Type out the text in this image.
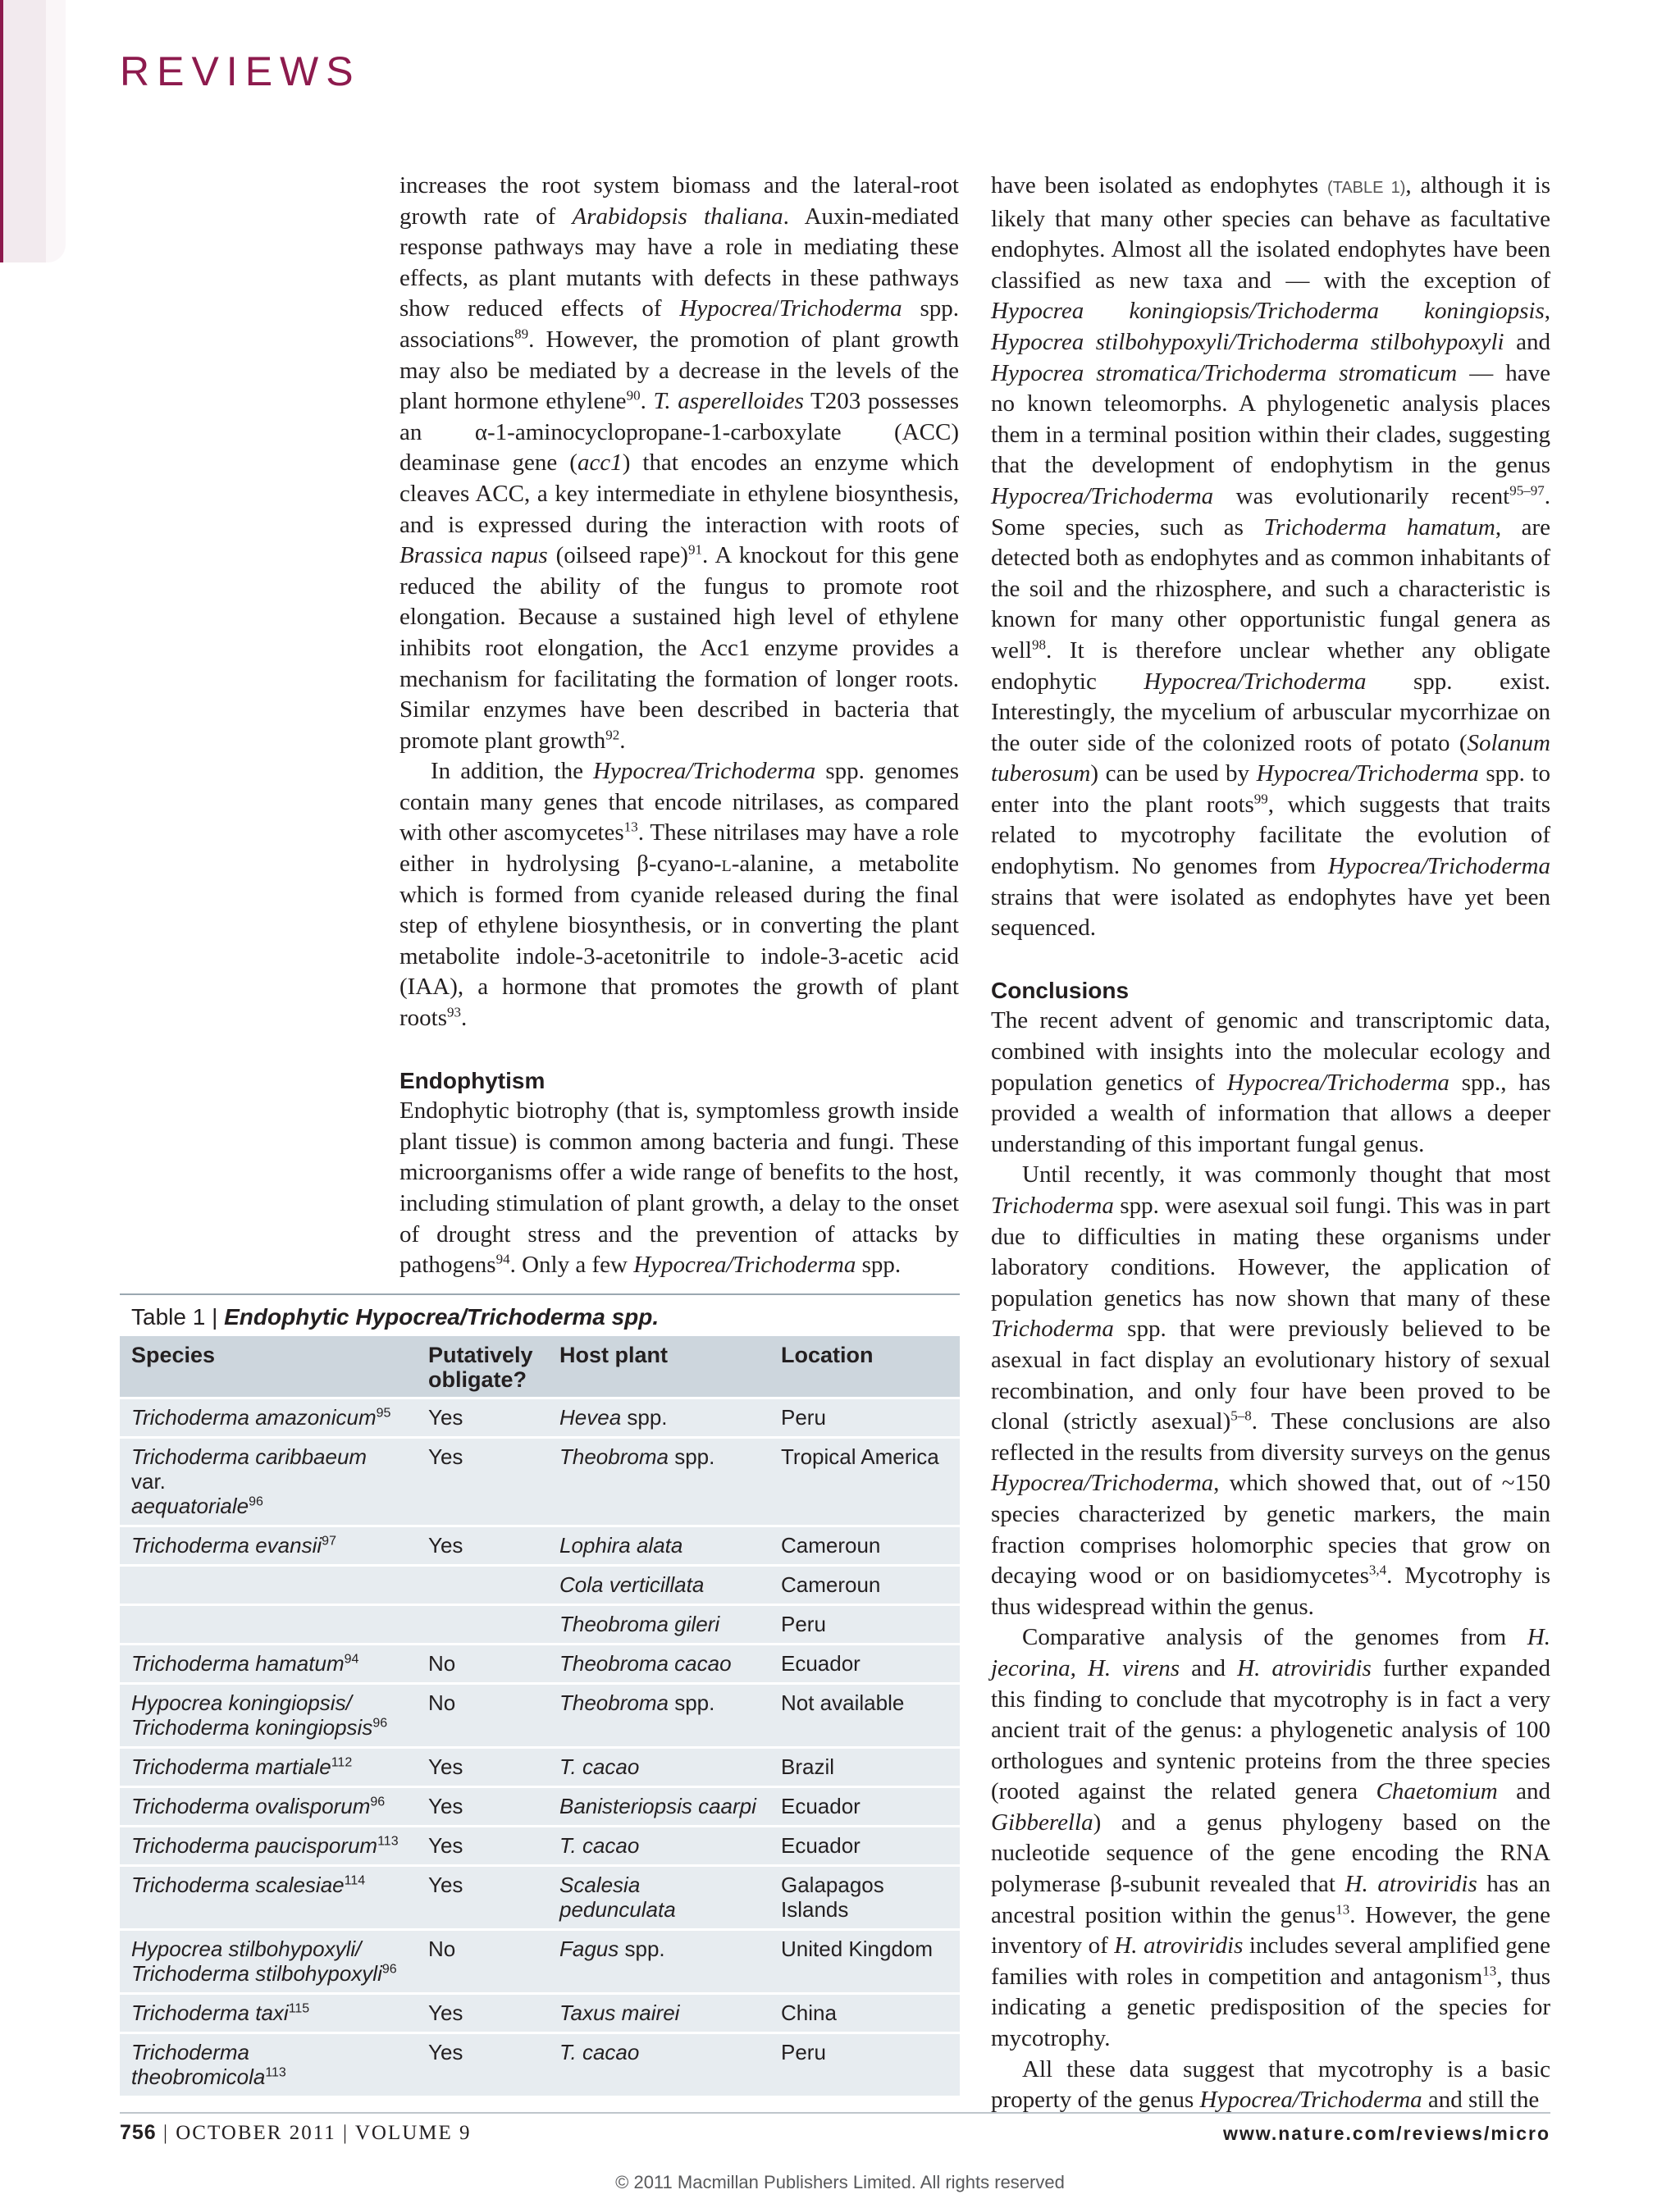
REVIEWS

increases the root system biomass and the lateral-root growth rate of Arabidopsis thaliana. Auxin-mediated response pathways may have a role in mediating these effects, as plant mutants with defects in these pathways show reduced effects of Hypocrea/Trichoderma spp. associations$^{89}$. However, the promotion of plant growth may also be mediated by a decrease in the levels of the plant hormone ethylene$^{90}$. T. asperelloides T203 possesses an α-1-aminocyclopropane-1-carboxylate (ACC) deaminase gene (acc1) that encodes an enzyme which cleaves ACC, a key intermediate in ethylene biosynthesis, and is expressed during the interaction with roots of Brassica napus (oilseed rape)$^{91}$. A knockout for this gene reduced the ability of the fungus to promote root elongation. Because a sustained high level of ethylene inhibits root elongation, the Acc1 enzyme provides a mechanism for facilitating the formation of longer roots. Similar enzymes have been described in bacteria that promote plant growth$^{92}$.

In addition, the Hypocrea/Trichoderma spp. genomes contain many genes that encode nitrilases, as compared with other ascomycetes$^{13}$. These nitrilases may have a role either in hydrolysing β-cyano-l-alanine, a metabolite which is formed from cyanide released during the final step of ethylene biosynthesis, or in converting the plant metabolite indole-3-acetonitrile to indole-3-acetic acid (IAA), a hormone that promotes the growth of plant roots$^{93}$.

Endophytism

Endophytic biotrophy (that is, symptomless growth inside plant tissue) is common among bacteria and fungi. These microorganisms offer a wide range of benefits to the host, including stimulation of plant growth, a delay to the onset of drought stress and the prevention of attacks by pathogens$^{94}$. Only a few Hypocrea/Trichoderma spp.

have been isolated as endophytes (TABLE 1), although it is likely that many other species can behave as facultative endophytes. Almost all the isolated endophytes have been classified as new taxa and — with the exception of Hypocrea koningiopsis/Trichoderma koningiopsis, Hypocrea stilbohypoxyli/Trichoderma stilbohypoxyli and Hypocrea stromatica/Trichoderma stromaticum — have no known teleomorphs. A phylogenetic analysis places them in a terminal position within their clades, suggesting that the development of endophytism in the genus Hypocrea/Trichoderma was evolutionarily recent$^{95-97}$. Some species, such as Trichoderma hamatum, are detected both as endophytes and as common inhabitants of the soil and the rhizosphere, and such a characteristic is known for many other opportunistic fungal genera as well$^{98}$. It is therefore unclear whether any obligate endophytic Hypocrea/Trichoderma spp. exist. Interestingly, the mycelium of arbuscular mycorrhizae on the outer side of the colonized roots of potato (Solanum tuberosum) can be used by Hypocrea/Trichoderma spp. to enter into the plant roots$^{99}$, which suggests that traits related to mycotrophy facilitate the evolution of endophytism. No genomes from Hypocrea/Trichoderma strains that were isolated as endophytes have yet been sequenced.

Conclusions

The recent advent of genomic and transcriptomic data, combined with insights into the molecular ecology and population genetics of Hypocrea/Trichoderma spp., has provided a wealth of information that allows a deeper understanding of this important fungal genus.

Until recently, it was commonly thought that most Trichoderma spp. were asexual soil fungi. This was in part due to difficulties in mating these organisms under laboratory conditions. However, the application of population genetics has now shown that many of these Trichoderma spp. that were previously believed to be asexual in fact display an evolutionary history of sexual recombination, and only four have been proved to be clonal (strictly asexual)$^{5-8}$. These conclusions are also reflected in the results from diversity surveys on the genus Hypocrea/Trichoderma, which showed that, out of ~150 species characterized by genetic markers, the main fraction comprises holomorphic species that grow on decaying wood or on basidiomycetes$^{3,4}$. Mycotrophy is thus widespread within the genus.

Comparative analysis of the genomes from H. jecorina, H. virens and H. atroviridis further expanded this finding to conclude that mycotrophy is in fact a very ancient trait of the genus: a phylogenetic analysis of 100 orthologues and syntenic proteins from the three species (rooted against the related genera Chaetomium and Gibberella) and a genus phylogeny based on the nucleotide sequence of the gene encoding the RNA polymerase β-subunit revealed that H. atroviridis has an ancestral position within the genus$^{13}$. However, the gene inventory of H. atroviridis includes several amplified gene families with roles in competition and antagonism$^{13}$, thus indicating a genetic predisposition of the species for mycotrophy.

All these data suggest that mycotrophy is a basic property of the genus Hypocrea/Trichoderma and still the

Table 1 | Endophytic Hypocrea/Trichoderma spp.
Species	Putatively obligate?	Host plant	Location
Trichoderma amazonicum$^{95}$	Yes	Hevea spp.	Peru
Trichoderma caribbaeum var.
aequatoriale$^{96}$	Yes	Theobroma spp.	Tropical America
Trichoderma evansii$^{97}$	Yes	Lophira alata	Cameroun
		Cola verticillata	Cameroun
		Theobroma gileri	Peru
Trichoderma hamatum$^{94}$	No	Theobroma cacao	Ecuador
Hypocrea koningiopsis/
Trichoderma koningiopsis$^{96}$	No	Theobroma spp.	Not available
Trichoderma martiale$^{112}$	Yes	T. cacao	Brazil
Trichoderma ovalisporum$^{96}$	Yes	Banisteriopsis caarpi	Ecuador
Trichoderma paucisporum$^{113}$	Yes	T. cacao	Ecuador
Trichoderma scalesiae$^{114}$	Yes	Scalesia pedunculata	Galapagos Islands
Hypocrea stilbohypoxyli/
Trichoderma stilbohypoxyli$^{96}$	No	Fagus spp.	United Kingdom
Trichoderma taxi$^{115}$	Yes	Taxus mairei	China
Trichoderma theobromicola$^{113}$	Yes	T. cacao	Peru
756 | OCTOBER 2011 | VOLUME 9	www.nature.com/reviews/micro
© 2011 Macmillan Publishers Limited. All rights reserved
